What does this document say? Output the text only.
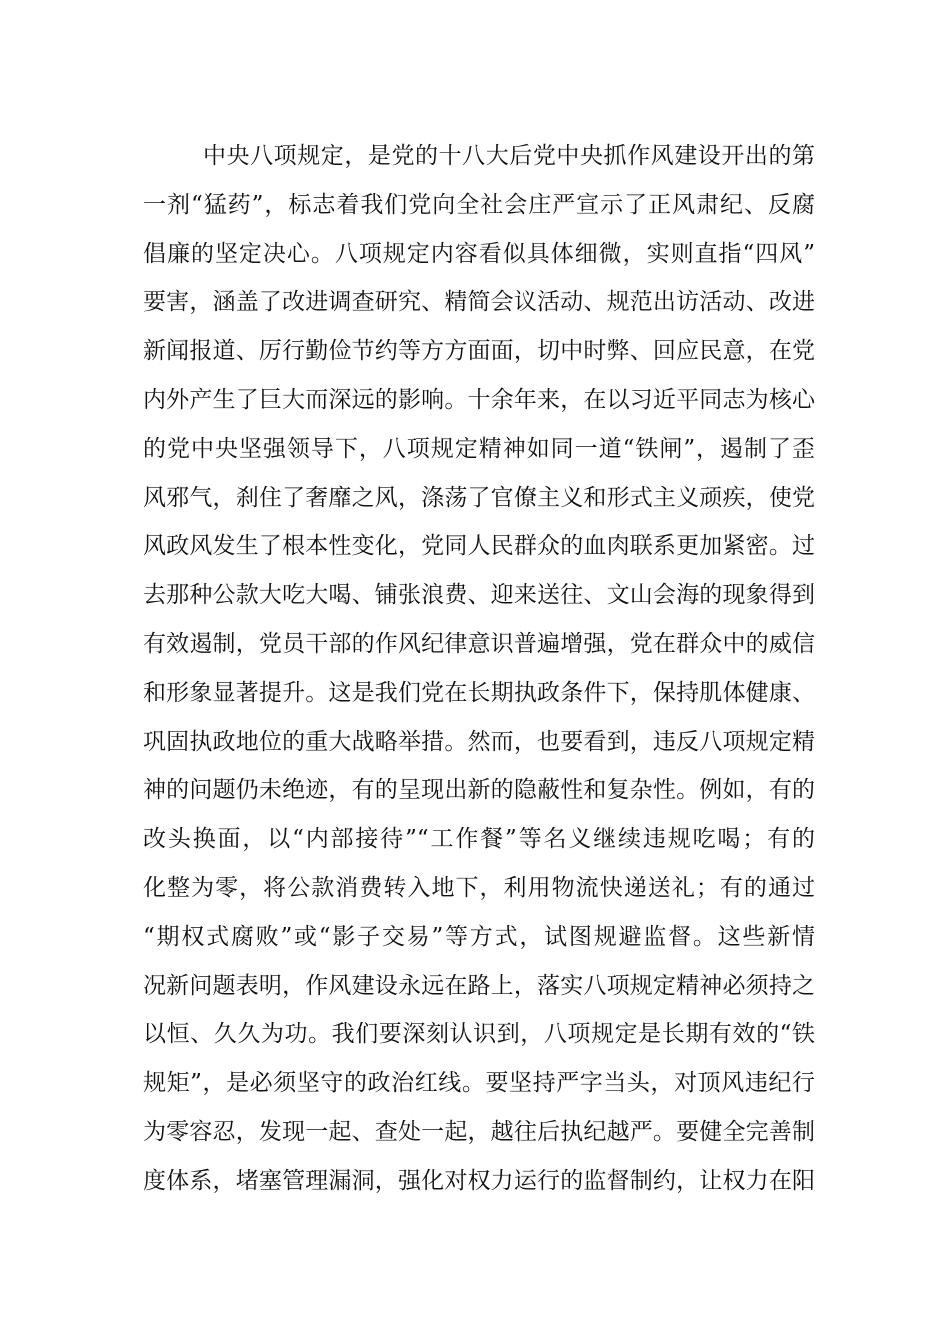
中央八项规定，是党的十八大后党中央抓作风建设开出的第
一剂“猛药”，标志着我们党向全社会庄严宣示了正风肃纪、反腐
倡廉的坚定决心。八项规定内容看似具体细微，实则直指“四风”
要害，涵盖了改进调查研究、精简会议活动、规范出访活动、改进
新闻报道、厉行勤俭节约等方方面面，切中时弊、回应民意，在党
内外产生了巨大而深远的影响。十余年来，在以习近平同志为核心
的党中央坚强领导下，八项规定精神如同一道“铁闸”，遏制了歪
风邪气，刹住了奢靡之风，涤荡了官僚主义和形式主义顽疾，使党
风政风发生了根本性变化，党同人民群众的血肉联系更加紧密。过
去那种公款大吃大喝、铺张浪费、迎来送往、文山会海的现象得到
有效遏制，党员干部的作风纪律意识普遍增强，党在群众中的威信
和形象显著提升。这是我们党在长期执政条件下，保持肌体健康、
巩固执政地位的重大战略举措。然而，也要看到，违反八项规定精
神的问题仍未绝迹，有的呈现出新的隐蔽性和复杂性。例如，有的
改头换面，以“内部接待”“工作餐”等名义继续违规吃喝；有的
化整为零，将公款消费转入地下，利用物流快递送礼；有的通过
“期权式腐败”或“影子交易”等方式，试图规避监督。这些新情
况新问题表明，作风建设永远在路上，落实八项规定精神必须持之
以恒、久久为功。我们要深刻认识到，八项规定是长期有效的“铁
规矩”，是必须坚守的政治红线。要坚持严字当头，对顶风违纪行
为零容忍，发现一起、查处一起，越往后执纪越严。要健全完善制
度体系，堵塞管理漏洞，强化对权力运行的监督制约，让权力在阳
